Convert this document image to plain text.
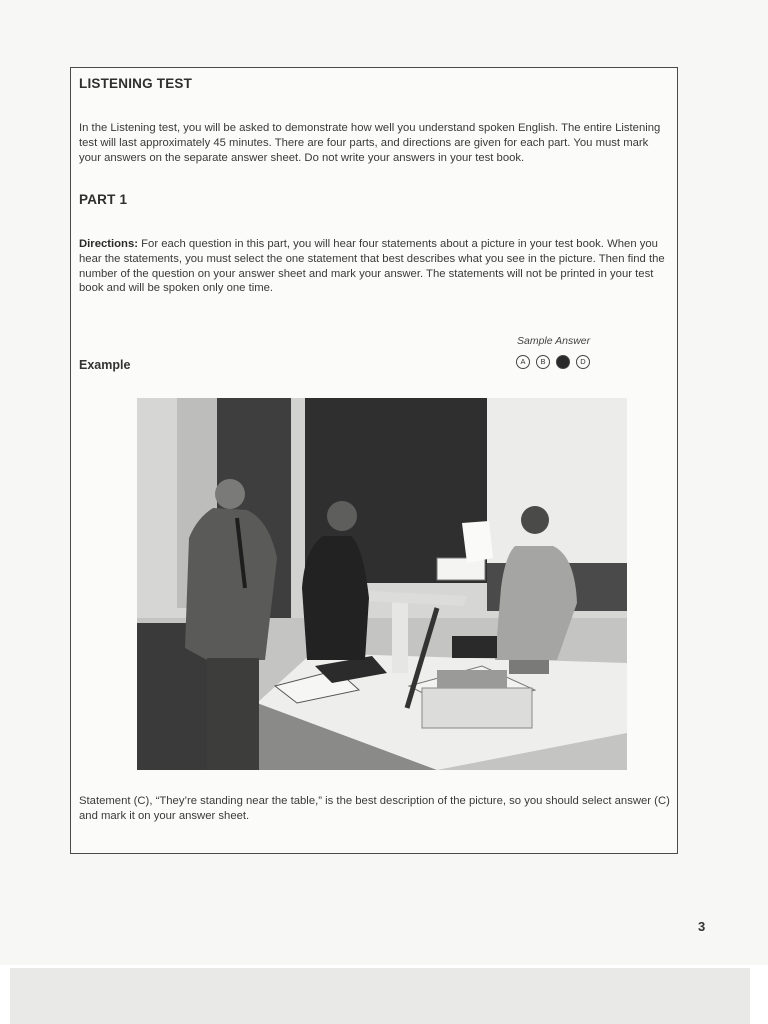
LISTENING TEST

In the Listening test, you will be asked to demonstrate how well you understand spoken English. The entire Listening test will last approximately 45 minutes. There are four parts, and directions are given for each part. You must mark your answers on the separate answer sheet. Do not write your answers in your test book.

PART 1

Directions: For each question in this part, you will hear four statements about a picture in your test book. When you hear the statements, you must select the one statement that best describes what you see in the picture. Then find the number of the question on your answer sheet and mark your answer. The statements will not be printed in your test book and will be spoken only one time.

Sample Answer
Example	A	B	D

Statement (C), “They’re standing near the table,” is the best description of the picture, so you should select answer (C) and mark it on your answer sheet.

3
